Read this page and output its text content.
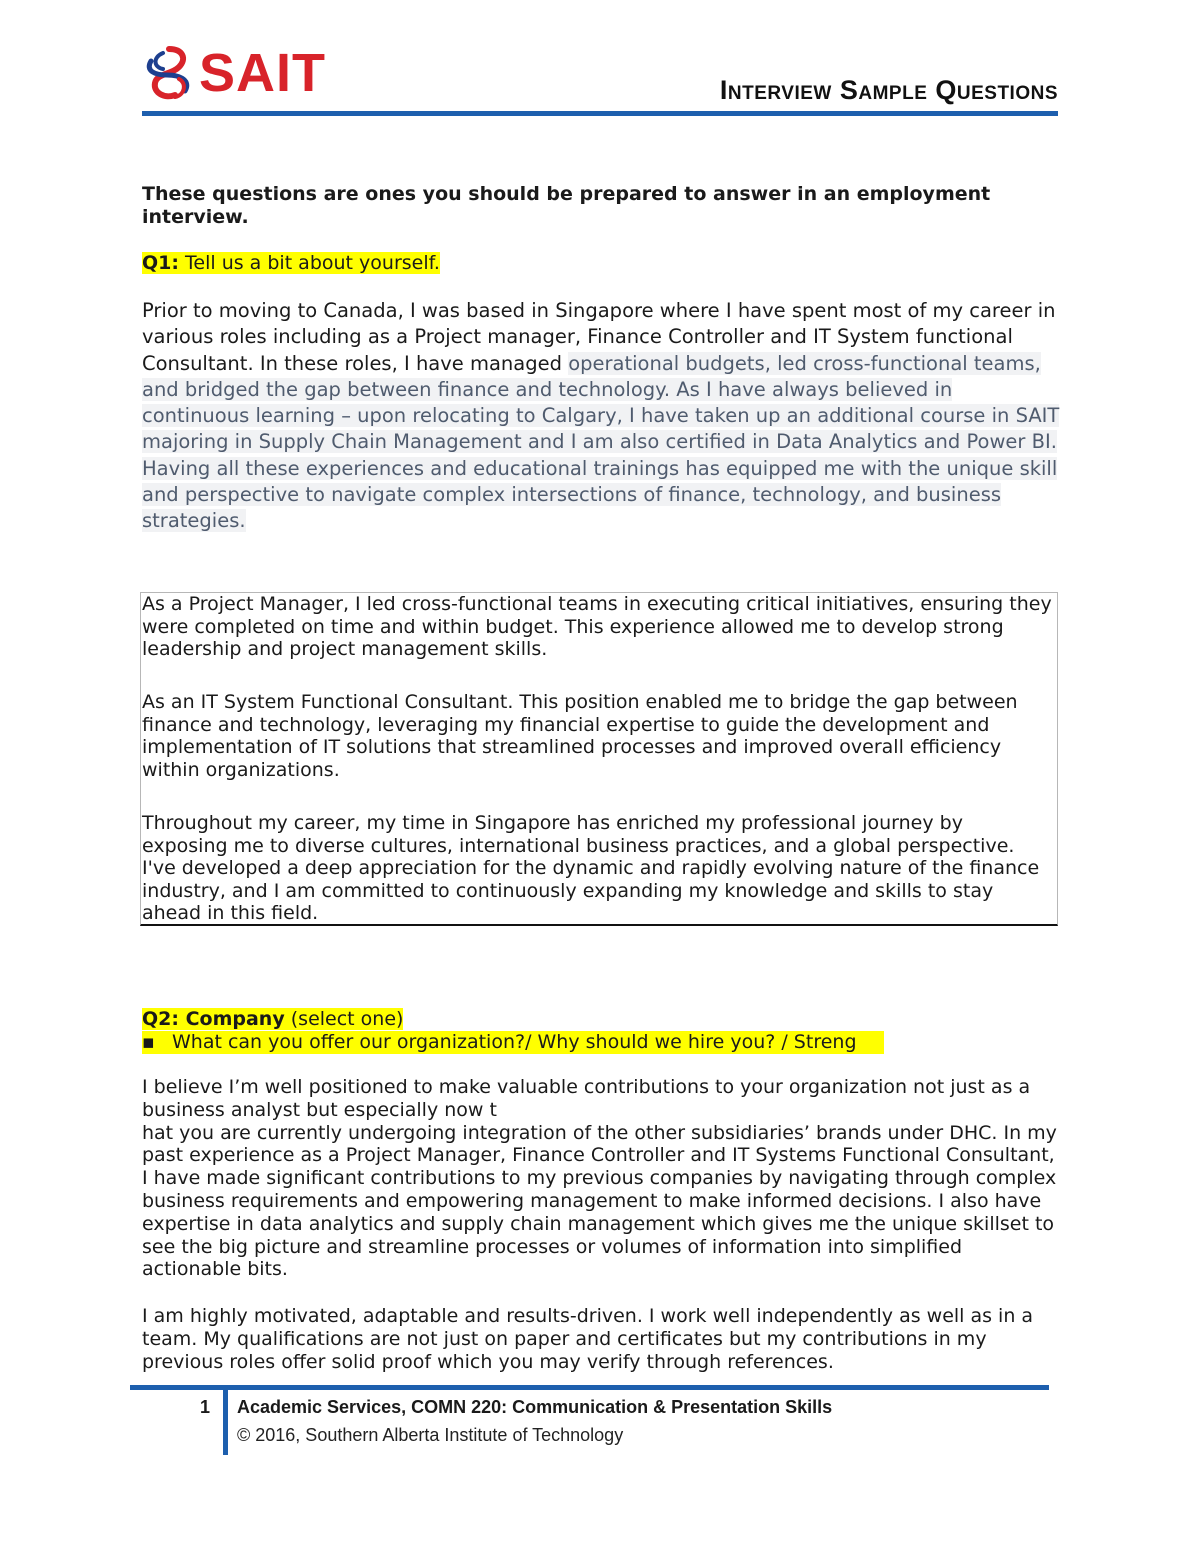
SAIT	Interview Sample Questions
These questions are ones you should be prepared to answer in an employment interview.
Q1: Tell us a bit about yourself.
Prior to moving to Canada, I was based in Singapore where I have spent most of my career in various roles including as a Project manager, Finance Controller and IT System functional Consultant. In these roles, I have managed operational budgets, led cross-functional teams, and bridged the gap between finance and technology. As I have always believed in continuous learning – upon relocating to Calgary, I have taken up an additional course in SAIT majoring in Supply Chain Management and I am also certified in Data Analytics and Power BI. Having all these experiences and educational trainings has equipped me with the unique skill and perspective to navigate complex intersections of finance, technology, and business strategies.

As a Project Manager, I led cross-functional teams in executing critical initiatives, ensuring they were completed on time and within budget. This experience allowed me to develop strong leadership and project management skills.

As an IT System Functional Consultant. This position enabled me to bridge the gap between finance and technology, leveraging my financial expertise to guide the development and implementation of IT solutions that streamlined processes and improved overall efficiency within organizations.

Throughout my career, my time in Singapore has enriched my professional journey by exposing me to diverse cultures, international business practices, and a global perspective. I've developed a deep appreciation for the dynamic and rapidly evolving nature of the finance industry, and I am committed to continuously expanding my knowledge and skills to stay ahead in this field.

Q2: Company (select one)
▪ What can you offer our organization?/ Why should we hire you? / Streng
I believe I’m well positioned to make valuable contributions to your organization not just as a business analyst but especially now t
hat you are currently undergoing integration of the other subsidiaries’ brands under DHC. In my past experience as a Project Manager, Finance Controller and IT Systems Functional Consultant, I have made significant contributions to my previous companies by navigating through complex business requirements and empowering management to make informed decisions. I also have expertise in data analytics and supply chain management which gives me the unique skillset to see the big picture and streamline processes or volumes of information into simplified actionable bits.
I am highly motivated, adaptable and results-driven. I work well independently as well as in a team. My qualifications are not just on paper and certificates but my contributions in my previous roles offer solid proof which you may verify through references.
1 Academic Services, COMN 220: Communication & Presentation Skills
© 2016, Southern Alberta Institute of Technology
